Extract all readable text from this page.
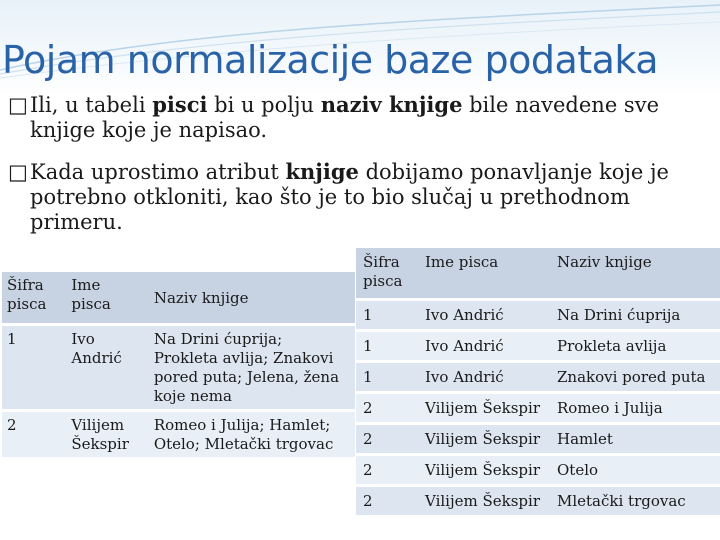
Pojam normalizacije baze podataka
□ Ili, u tabeli pisci bi u polju naziv knjige bile navedene sve
knjige koje je napisao.
□ Kada uprostimo atribut knjige dobijamo ponavljanje koje je
potrebno otkloniti, kao što je to bio slučaj u prethodnom
primeru.
Šifra pisca	Ime pisca	Naziv knjige
1	Ivo Andrić	Na Drini ćuprija; Prokleta avlija; Znakovi pored puta; Jelena, žena koje nema
2	Vilijem Šekspir	Romeo i Julija; Hamlet; Otelo; Mletački trgovac
Šifra pisca	Ime pisca	Naziv knjige
1	Ivo Andrić	Na Drini ćuprija
1	Ivo Andrić	Prokleta avlija
1	Ivo Andrić	Znakovi pored puta
2	Vilijem Šekspir	Romeo i Julija
2	Vilijem Šekspir	Hamlet
2	Vilijem Šekspir	Otelo
2	Vilijem Šekspir	Mletački trgovac
